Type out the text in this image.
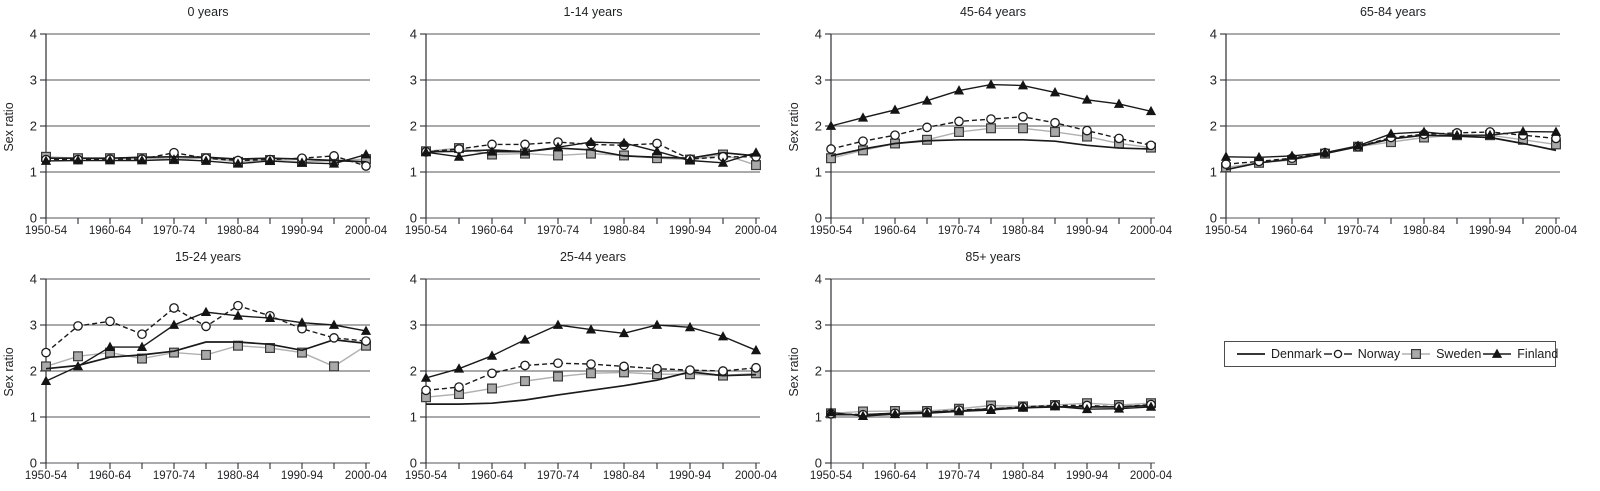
0
1
2
3
4
1950-54 1960-64 1970-74 1980-84 1990-94 2000-04
0 years
Sex ratio
0
1
2
3
4
1950-54 1960-64 1970-74 1980-84 1990-94 2000-04
1-14 years
0
1
2
3
4
1950-54 1960-64 1970-74 1980-84 1990-94 2000-04
45-64 years
Sex ratio
0
1
2
3
4
1950-54 1960-64 1970-74 1980-84 1990-94 2000-04
65-84 years
0
1
2
3
4
1950-54 1960-64 1970-74 1980-84 1990-94 2000-04
15-24 years
Sex ratio
0
1
2
3
4
1950-54 1960-64 1970-74 1980-84 1990-94 2000-04
25-44 years
0
1
2
3
4
1950-54 1960-64 1970-74 1980-84 1990-94 2000-04
85+ years
Sex ratio	Denmark	Norway	Sweden	Finland
